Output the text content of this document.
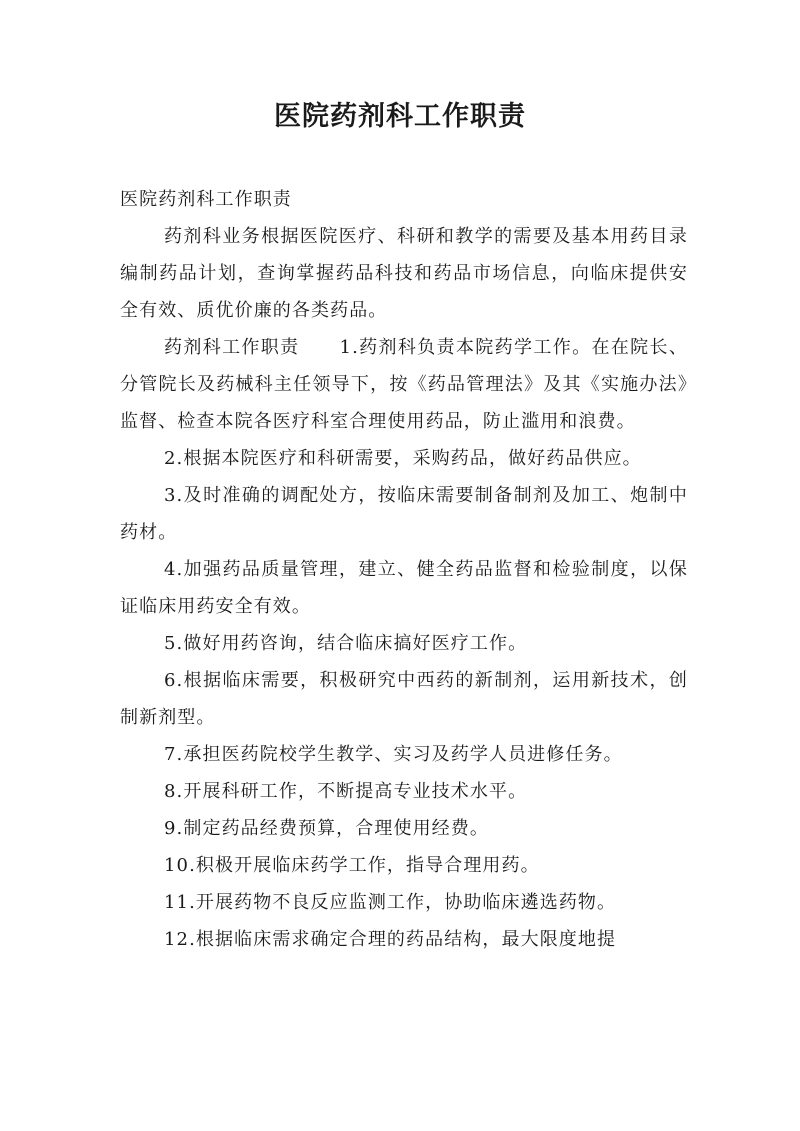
医院药剂科工作职责

医院药剂科工作职责

药剂科业务根据医院医疗、科研和教学的需要及基本用药目录编制药品计划，查询掌握药品科技和药品市场信息，向临床提供安全有效、质优价廉的各类药品。

药剂科工作职责 1.药剂科负责本院药学工作。在在院长、分管院长及药械科主任领导下，按《药品管理法》及其《实施办法》监督、检查本院各医疗科室合理使用药品，防止滥用和浪费。

2.根据本院医疗和科研需要，采购药品，做好药品供应。

3.及时准确的调配处方，按临床需要制备制剂及加工、炮制中药材。

4.加强药品质量管理，建立、健全药品监督和检验制度，以保证临床用药安全有效。

5.做好用药咨询，结合临床搞好医疗工作。

6.根据临床需要，积极研究中西药的新制剂，运用新技术，创制新剂型。

7.承担医药院校学生教学、实习及药学人员进修任务。

8.开展科研工作，不断提高专业技术水平。

9.制定药品经费预算，合理使用经费。

10.积极开展临床药学工作，指导合理用药。

11.开展药物不良反应监测工作，协助临床遴选药物。

12.根据临床需求确定合理的药品结构，最大限度地提
